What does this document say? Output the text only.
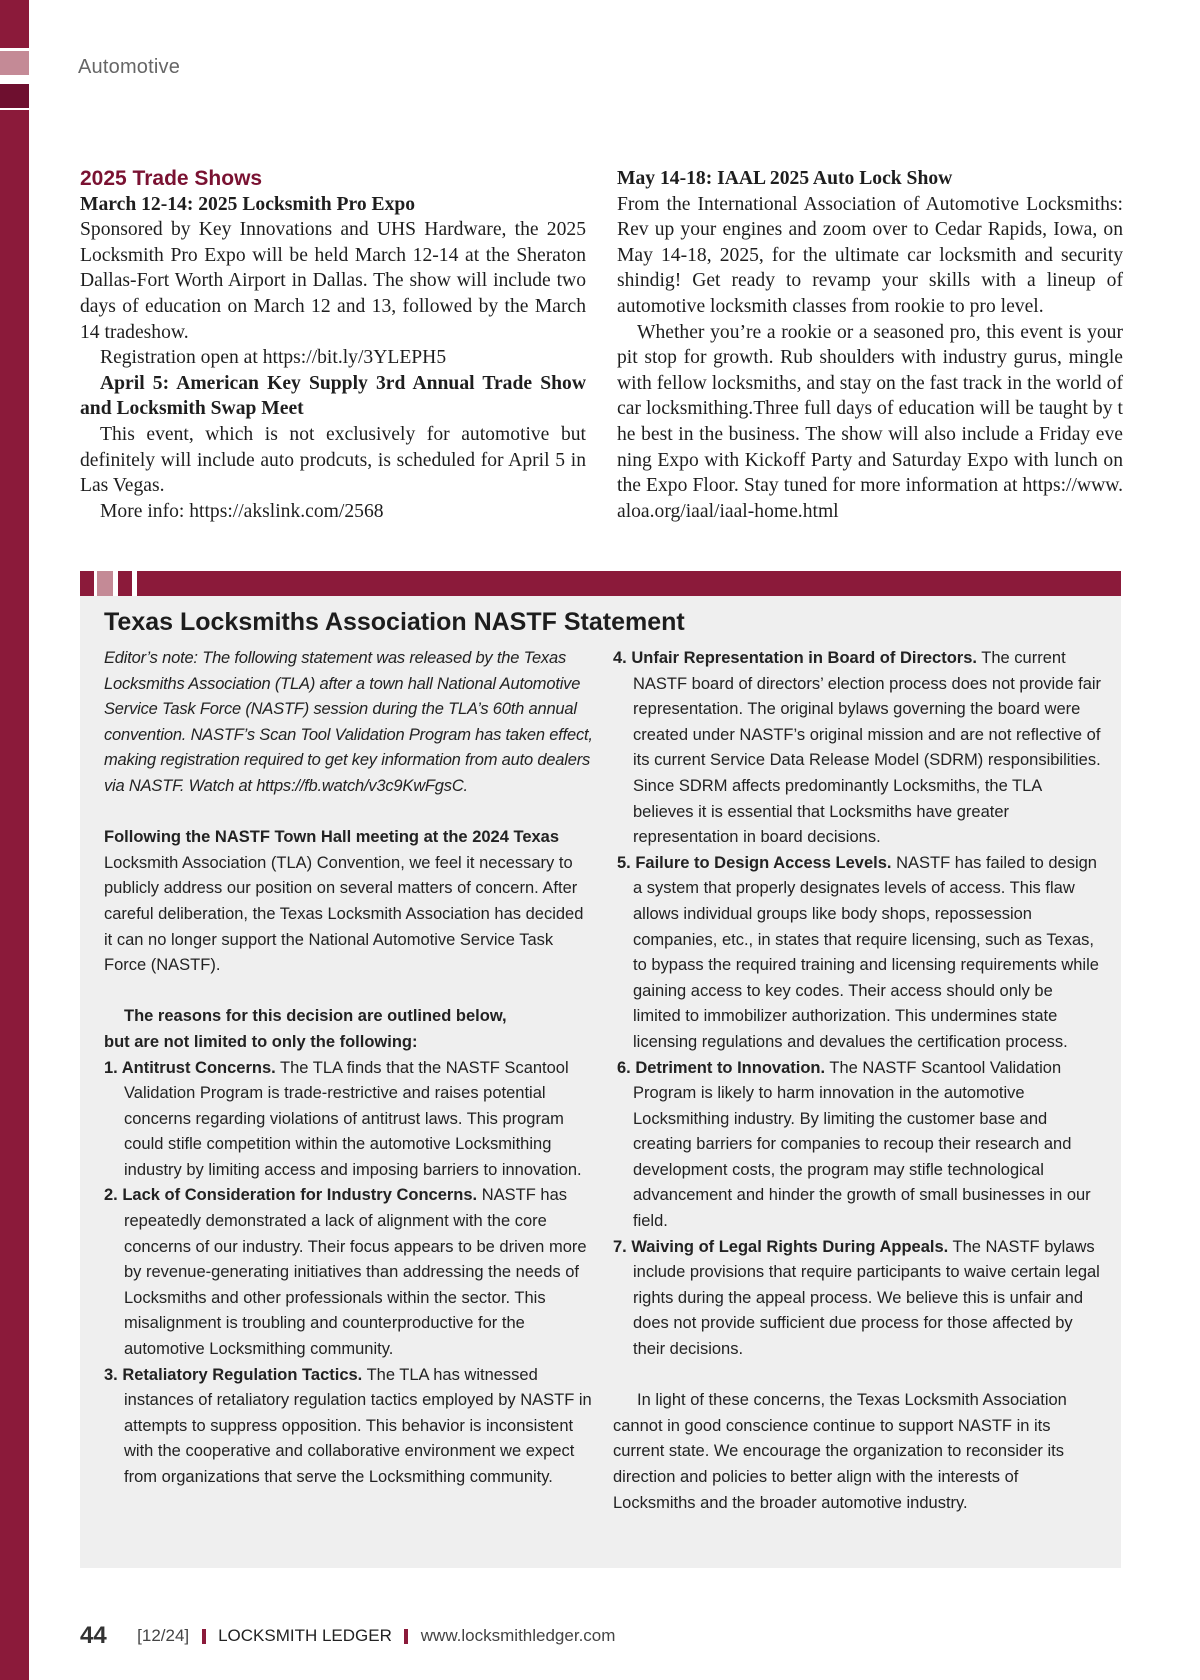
Automotive
2025 Trade Shows

March 12-14: 2025 Locksmith Pro Expo

Sponsored by Key Innovations and UHS Hardware, the 2025 Locksmith Pro Expo will be held March 12-14 at the Sheraton Dallas-Fort Worth Airport in Dallas. The show will include two days of education on March 12 and 13, followed by the March 14 tradeshow.

Registration open at https://bit.ly/3YLEPH5

April 5: American Key Supply 3rd Annual Trade Show and Locksmith Swap Meet

This event, which is not exclusively for automotive but definitely will include auto prodcuts, is scheduled for April 5 in Las Vegas.

More info: https://akslink.com/2568

May 14-18: IAAL 2025 Auto Lock Show

From the International Association of Automotive Locksmiths: Rev up your engines and zoom over to Cedar Rapids, Iowa, on May 14-18, 2025, for the ultimate car locksmith and security shindig! Get ready to revamp your skills with a lineup of automotive locksmith classes from rookie to pro level.

Whether you’re a rookie or a seasoned pro, this event is your pit stop for growth. Rub shoulders with industry gurus, mingle with fellow locksmiths, and stay on the fast track in the world of car locksmithing.Three full days of education will be taught by the best in the business. The show will also include a Friday evening Expo with Kickoff Party and Saturday Expo with lunch on the Expo Floor. Stay tuned for more information at https://www.aloa.org/iaal/iaal-home.html

Texas Locksmiths Association NASTF Statement

Editor’s note: The following statement was released by the Texas Locksmiths Association (TLA) after a town hall National Automotive Service Task Force (NASTF) session during the TLA’s 60th annual convention. NASTF’s Scan Tool Validation Program has taken effect, making registration required to get key information from auto dealers via NASTF. Watch at https://fb.watch/v3c9KwFgsC.

Following the NASTF Town Hall meeting at the 2024 Texas Locksmith Association (TLA) Convention, we feel it necessary to publicly address our position on several matters of concern. After careful deliberation, the Texas Locksmith Association has decided it can no longer support the National Automotive Service Task Force (NASTF).

The reasons for this decision are outlined below,

but are not limited to only the following:

1. Antitrust Concerns. The TLA finds that the NASTF Scantool Validation Program is trade-restrictive and raises potential concerns regarding violations of antitrust laws. This program could stifle competition within the automotive Locksmithing industry by limiting access and imposing barriers to innovation.

2. Lack of Consideration for Industry Concerns. NASTF has repeatedly demonstrated a lack of alignment with the core concerns of our industry. Their focus appears to be driven more by revenue-generating initiatives than addressing the needs of Locksmiths and other professionals within the sector. This misalignment is troubling and counterproductive for the automotive Locksmithing community.

3. Retaliatory Regulation Tactics. The TLA has witnessed instances of retaliatory regulation tactics employed by NASTF in attempts to suppress opposition. This behavior is inconsistent with the cooperative and collaborative environment we expect from organizations that serve the Locksmithing community.

4. Unfair Representation in Board of Directors. The current NASTF board of directors’ election process does not provide fair representation. The original bylaws governing the board were created under NASTF’s original mission and are not reflective of its current Service Data Release Model (SDRM) responsibilities. Since SDRM affects predominantly Locksmiths, the TLA believes it is essential that Locksmiths have greater representation in board decisions.

5. Failure to Design Access Levels. NASTF has failed to design a system that properly designates levels of access. This flaw allows individual groups like body shops, repossession companies, etc., in states that require licensing, such as Texas, to bypass the required training and licensing requirements while gaining access to key codes. Their access should only be limited to immobilizer authorization. This undermines state licensing regulations and devalues the certification process.

6. Detriment to Innovation. The NASTF Scantool Validation Program is likely to harm innovation in the automotive Locksmithing industry. By limiting the customer base and creating barriers for companies to recoup their research and development costs, the program may stifle technological advancement and hinder the growth of small businesses in our field.

7. Waiving of Legal Rights During Appeals. The NASTF bylaws include provisions that require participants to waive certain legal rights during the appeal process. We believe this is unfair and does not provide sufficient due process for those affected by their decisions.

In light of these concerns, the Texas Locksmith Association cannot in good conscience continue to support NASTF in its current state. We encourage the organization to reconsider its direction and policies to better align with the interests of Locksmiths and the broader automotive industry.

44 [12/24] LOCKSMITH LEDGER www.locksmithledger.com
